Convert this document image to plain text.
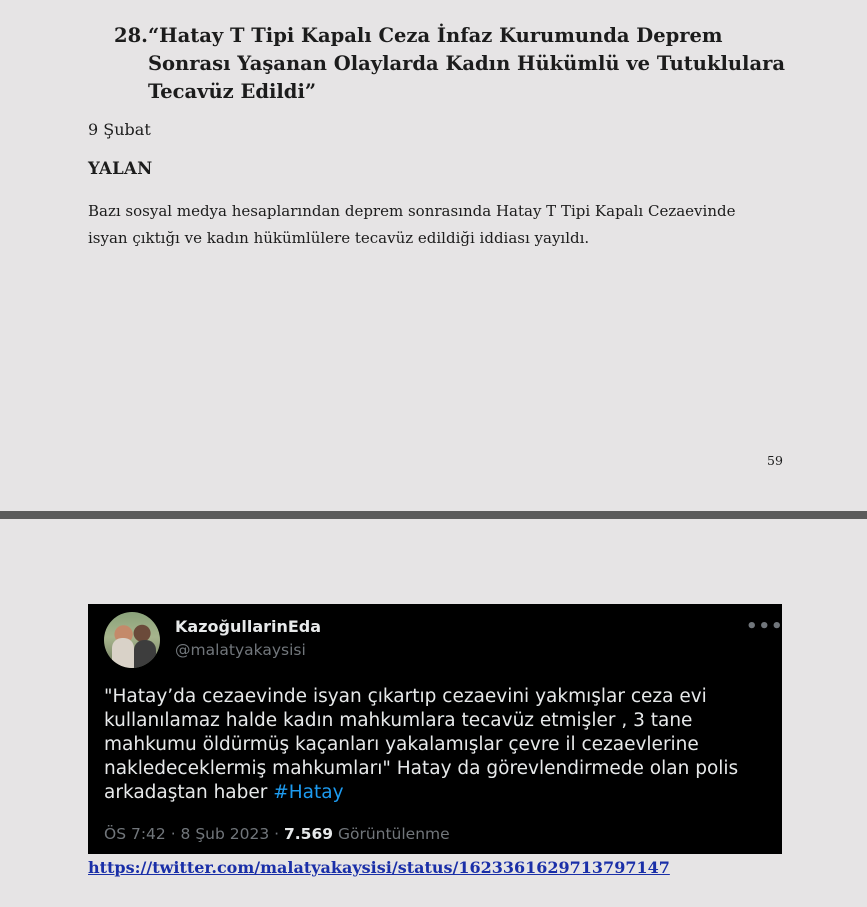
28. “Hatay T Tipi Kapalı Ceza İnfaz Kurumunda Deprem Sonrası Yaşanan Olaylarda Kadın Hükümlü ve Tutuklulara Tecavüz Edildi”
9 Şubat
YALAN
Bazı sosyal medya hesaplarından deprem sonrasında Hatay T Tipi Kapalı Cezaevinde isyan çıktığı ve kadın hükümlülere tecavüz edildiği iddiası yayıldı.
59
KazoğullarinEda
@malatyakaysisi
•••
"Hatay’da cezaevinde isyan çıkartıp cezaevini yakmışlar ceza evi kullanılamaz halde kadın mahkumlara tecavüz etmişler , 3 tane mahkumu öldürmüş kaçanları yakalamışlar çevre il cezaevlerine nakledeceklermiş mahkumları" Hatay da görevlendirmede olan polis arkadaştan haber #Hatay
ÖS 7:42 · 8 Şub 2023 · 7.569 Görüntülenme
https://twitter.com/malatyakaysisi/status/1623361629713797147
